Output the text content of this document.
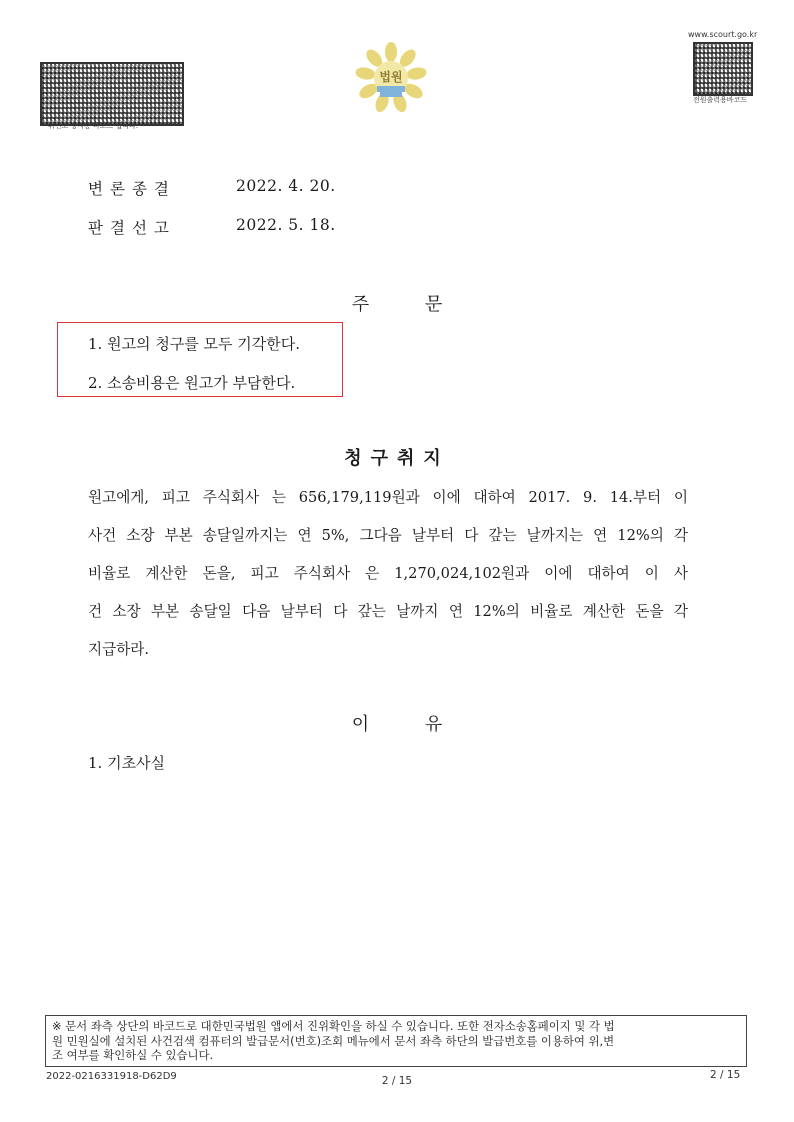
위변조 방지용 바코드 입니다.
법원
www.scourt.go.kr
전원출력용바코드
변론종결	2022. 4. 20.
판결선고	2022. 5. 18.
주 문
1. 원고의 청구를 모두 기각한다.
2. 소송비용은 원고가 부담한다.
청구취지
원고에게, 피고 주식회사 는 656,179,119원과 이에 대하여 2017. 9. 14.부터 이
사건 소장 부본 송달일까지는 연 5%, 그다음 날부터 다 갚는 날까지는 연 12%의 각
비율로 계산한 돈을, 피고 주식회사 은 1,270,024,102원과 이에 대하여 이 사
건 소장 부본 송달일 다음 날부터 다 갚는 날까지 연 12%의 비율로 계산한 돈을 각
지급하라.
이 유
1. 기초사실
※ 문서 좌측 상단의 바코드로 대한민국법원 앱에서 진위확인을 하실 수 있습니다. 또한 전자소송홈페이지 및 각 법
원 민원실에 설치된 사건검색 컴퓨터의 발급문서(번호)조회 메뉴에서 문서 좌측 하단의 발급번호를 이용하여 위,변
조 여부를 확인하실 수 있습니다.
2022-0216331918-D62D9	2 / 15	2 / 15
